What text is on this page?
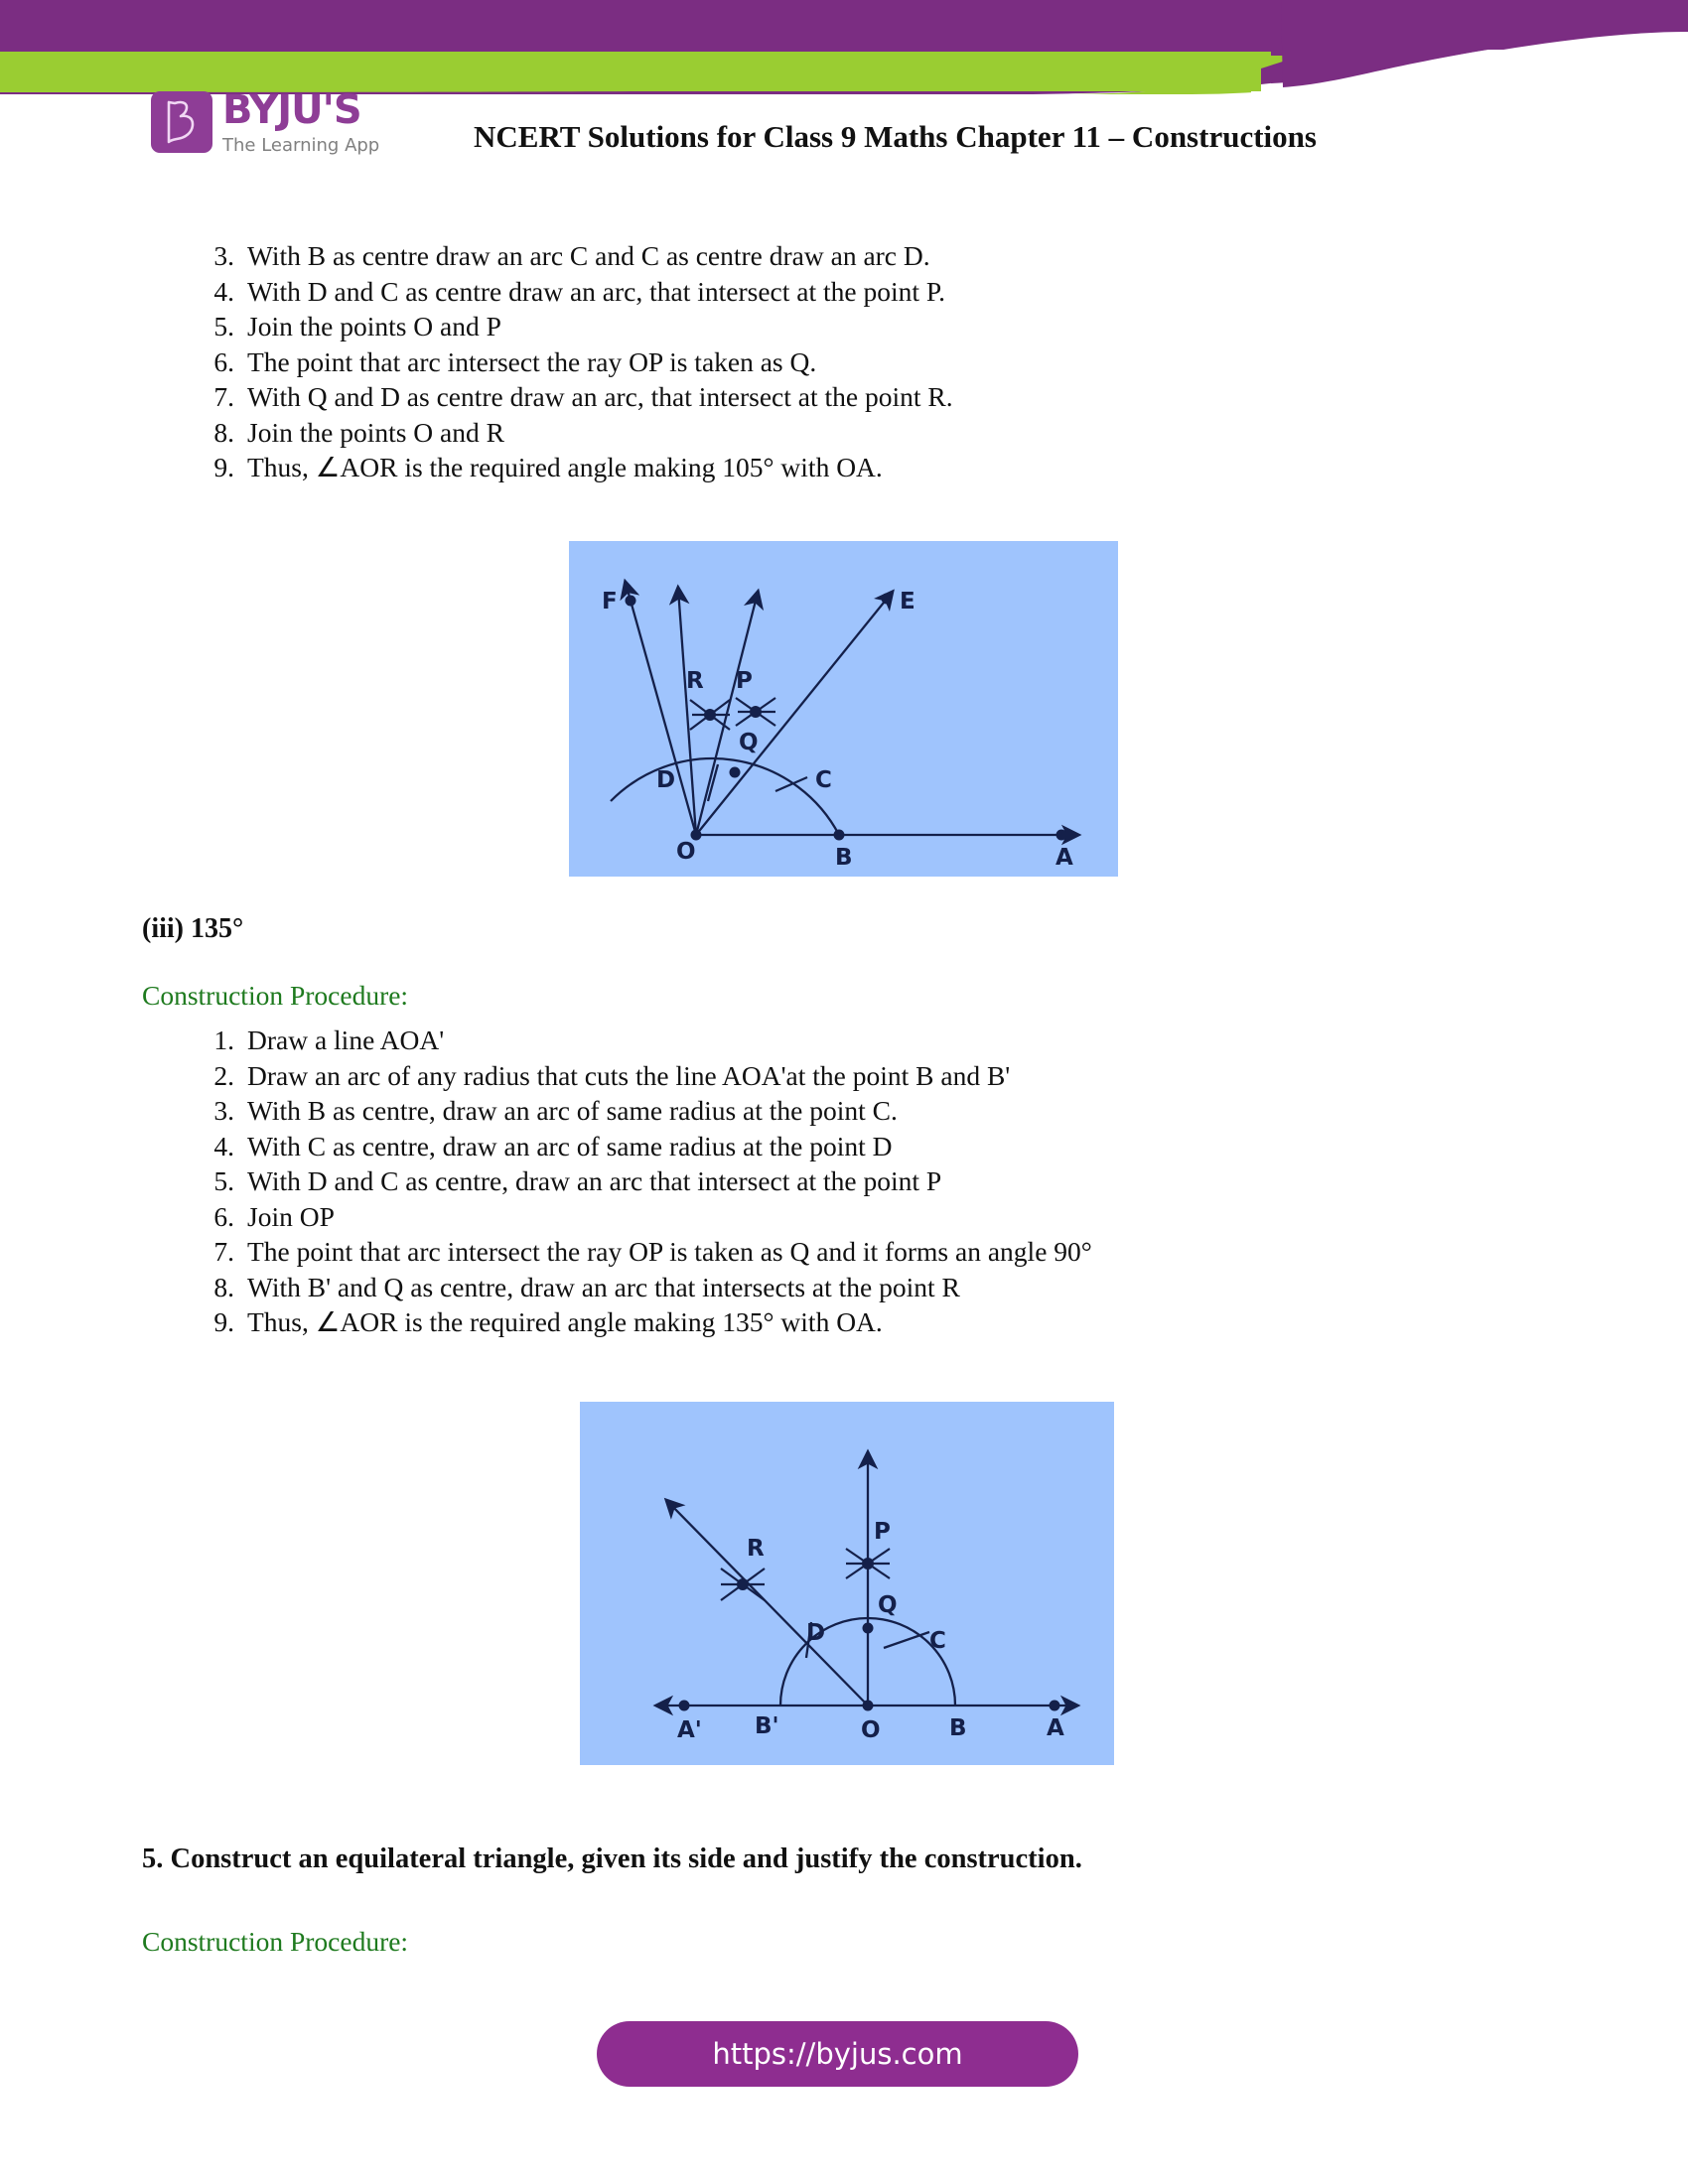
BYJU'S
The Learning App	NCERT Solutions for Class 9 Maths Chapter 11 – Constructions
3. With B as centre draw an arc C and C as centre draw an arc D.
4. With D and C as centre draw an arc, that intersect at the point P.
5. Join the points O and P
6. The point that arc intersect the ray OP is taken as Q.
7. With Q and D as centre draw an arc, that intersect at the point R.
8. Join the points O and R
9. Thus, ∠AOR is the required angle making 105° with OA.
F	E
R P
Q
D	C
O	B	A
(iii) 135°
Construction Procedure:
1. Draw a line AOA'
2. Draw an arc of any radius that cuts the line AOA'at the point B and B'
3. With B as centre, draw an arc of same radius at the point C.
4. With C as centre, draw an arc of same radius at the point D
5. With D and C as centre, draw an arc that intersect at the point P
6. Join OP
7. The point that arc intersect the ray OP is taken as Q and it forms an angle 90°
8. With B' and Q as centre, draw an arc that intersects at the point R
9. Thus, ∠AOR is the required angle making 135° with OA.
R
P
Q
D	C
A' B'	O	B	A
5. Construct an equilateral triangle, given its side and justify the construction.
Construction Procedure:
https://byjus.com
